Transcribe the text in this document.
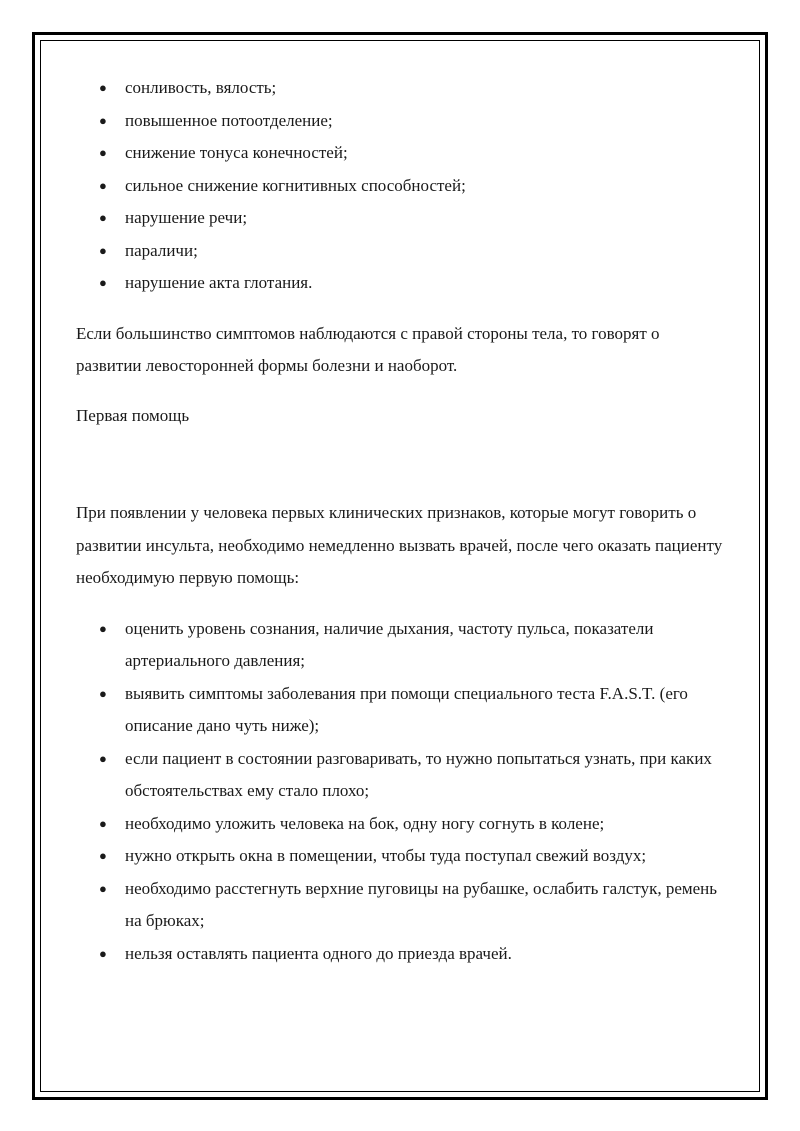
● сонливость, вялость;
● повышенное потоотделение;
● снижение тонуса конечностей;
● сильное снижение когнитивных способностей;
● нарушение речи;
● параличи;
● нарушение акта глотания.

Если большинство симптомов наблюдаются с правой стороны тела, то говорят о развитии левосторонней формы болезни и наоборот.

Первая помощь

При появлении у человека первых клинических признаков, которые могут говорить о развитии инсульта, необходимо немедленно вызвать врачей, после чего оказать пациенту необходимую первую помощь:

● оценить уровень сознания, наличие дыхания, частоту пульса, показатели артериального давления;
● выявить симптомы заболевания при помощи специального теста F.A.S.T. (его описание дано чуть ниже);
● если пациент в состоянии разговаривать, то нужно попытаться узнать, при каких обстоятельствах ему стало плохо;
● необходимо уложить человека на бок, одну ногу согнуть в колене;
● нужно открыть окна в помещении, чтобы туда поступал свежий воздух;
● необходимо расстегнуть верхние пуговицы на рубашке, ослабить галстук, ремень на брюках;
● нельзя оставлять пациента одного до приезда врачей.
